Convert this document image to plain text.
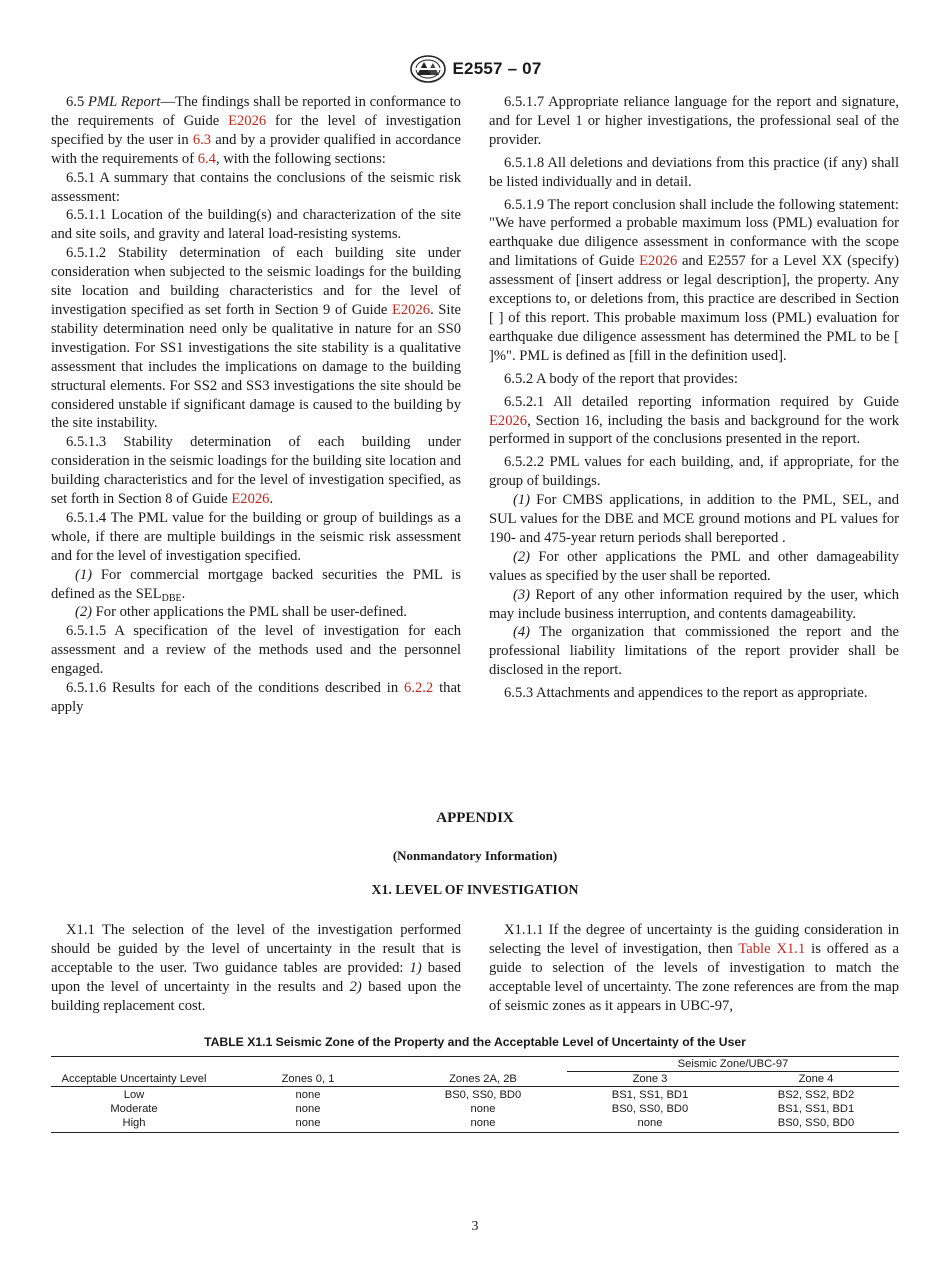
E2557 – 07

6.5 PML Report—The findings shall be reported in conformance to the requirements of Guide E2026 for the level of investigation specified by the user in 6.3 and by a provider qualified in accordance with the requirements of 6.4, with the following sections:

6.5.1 A summary that contains the conclusions of the seismic risk assessment:

6.5.1.1 Location of the building(s) and characterization of the site and site soils, and gravity and lateral load-resisting systems.

6.5.1.2 Stability determination of each building site under consideration when subjected to the seismic loadings for the building site location and building characteristics and for the level of investigation specified as set forth in Section 9 of Guide E2026. Site stability determination need only be qualitative in nature for an SS0 investigation. For SS1 investigations the site stability is a qualitative assessment that includes the implications on damage to the building structural elements. For SS2 and SS3 investigations the site should be considered unstable if significant damage is caused to the building by the site instability.

6.5.1.3 Stability determination of each building under consideration in the seismic loadings for the building site location and building characteristics and for the level of investigation specified, as set forth in Section 8 of Guide E2026.

6.5.1.4 The PML value for the building or group of buildings as a whole, if there are multiple buildings in the seismic risk assessment and for the level of investigation specified.

(1) For commercial mortgage backed securities the PML is defined as the $SEL_{DBE}$.

(2) For other applications the PML shall be user-defined.

6.5.1.5 A specification of the level of investigation for each assessment and a review of the methods used and the personnel engaged.

6.5.1.6 Results for each of the conditions described in 6.2.2 that apply

6.5.1.7 Appropriate reliance language for the report and signature, and for Level 1 or higher investigations, the professional seal of the provider.

6.5.1.8 All deletions and deviations from this practice (if any) shall be listed individually and in detail.

6.5.1.9 The report conclusion shall include the following statement: "We have performed a probable maximum loss (PML) evaluation for earthquake due diligence assessment in conformance with the scope and limitations of Guide E2026 and E2557 for a Level XX (specify) assessment of [insert address or legal description], the property. Any exceptions to, or deletions from, this practice are described in Section [ ] of this report. This probable maximum loss (PML) evaluation for earthquake due diligence assessment has determined the PML to be [ ]%". PML is defined as [fill in the definition used].

6.5.2 A body of the report that provides:

6.5.2.1 All detailed reporting information required by Guide E2026, Section 16, including the basis and background for the work performed in support of the conclusions presented in the report.

6.5.2.2 PML values for each building, and, if appropriate, for the group of buildings.

(1) For CMBS applications, in addition to the PML, SEL, and SUL values for the DBE and MCE ground motions and PL values for 190- and 475-year return periods shall bereported .

(2) For other applications the PML and other damageability values as specified by the user shall be reported.

(3) Report of any other information required by the user, which may include business interruption, and contents damageability.

(4) The organization that commissioned the report and the professional liability limitations of the report provider shall be disclosed in the report.

6.5.3 Attachments and appendices to the report as appropriate.

APPENDIX
(Nonmandatory Information)
X1. LEVEL OF INVESTIGATION

X1.1 The selection of the level of the investigation performed should be guided by the level of uncertainty in the result that is acceptable to the user. Two guidance tables are provided: 1) based upon the level of uncertainty in the results and 2) based upon the building replacement cost.

X1.1.1 If the degree of uncertainty is the guiding consideration in selecting the level of investigation, then Table X1.1 is offered as a guide to selection of the levels of investigation to match the acceptable level of uncertainty. The zone references are from the map of seismic zones as it appears in UBC-97,

TABLE X1.1 Seismic Zone of the Property and the Acceptable Level of Uncertainty of the User
			Seismic Zone/UBC-97	
Acceptable Uncertainty Level	Zones 0, 1	Zones 2A, 2B	Zone 3	Zone 4
Low	none	BS0, SS0, BD0	BS1, SS1, BD1	BS2, SS2, BD2
Moderate	none	none	BS0, SS0, BD0	BS1, SS1, BD1
High	none	none	none	BS0, SS0, BD0
3
